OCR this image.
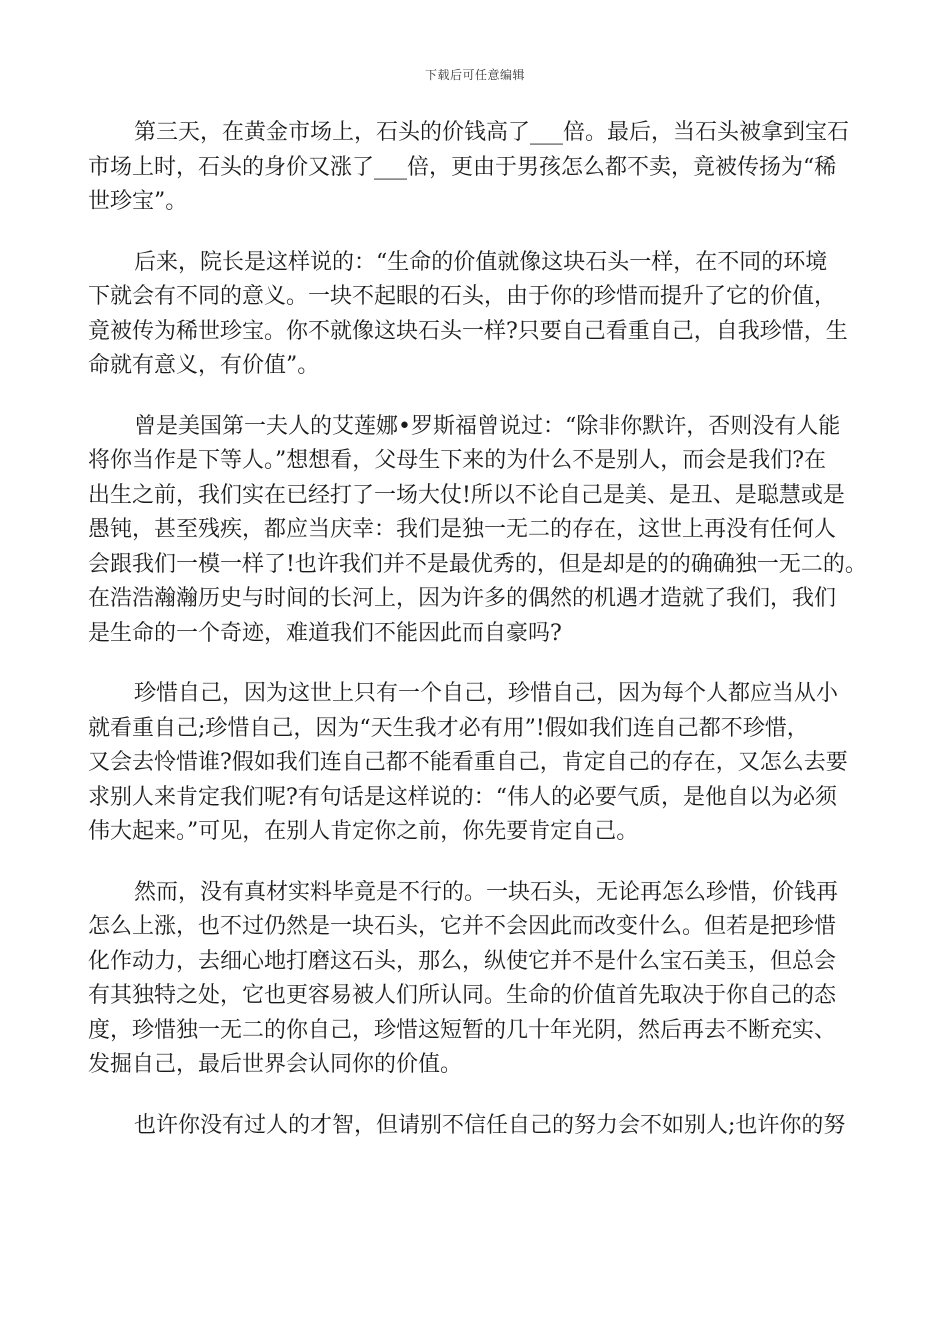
下载后可任意编辑
第三天，在黄金市场上，石头的价钱高了___倍。最后，当石头被拿到宝石
市场上时，石头的身价又涨了___倍，更由于男孩怎么都不卖，竟被传扬为“稀
世珍宝”。
后来，院长是这样说的：“生命的价值就像这块石头一样，在不同的环境
下就会有不同的意义。一块不起眼的石头，由于你的珍惜而提升了它的价值，
竟被传为稀世珍宝。你不就像这块石头一样?只要自己看重自己，自我珍惜，生
命就有意义，有价值”。
曾是美国第一夫人的艾莲娜•罗斯福曾说过：“除非你默许，否则没有人能
将你当作是下等人。”想想看，父母生下来的为什么不是别人，而会是我们?在
出生之前，我们实在已经打了一场大仗!所以不论自己是美、是丑、是聪慧或是
愚钝，甚至残疾，都应当庆幸：我们是独一无二的存在，这世上再没有任何人
会跟我们一模一样了!也许我们并不是最优秀的，但是却是的的确确独一无二的。
在浩浩瀚瀚历史与时间的长河上，因为许多的偶然的机遇才造就了我们，我们
是生命的一个奇迹，难道我们不能因此而自豪吗?
珍惜自己，因为这世上只有一个自己，珍惜自己，因为每个人都应当从小
就看重自己;珍惜自己，因为“天生我才必有用”!假如我们连自己都不珍惜，
又会去怜惜谁?假如我们连自己都不能看重自己，肯定自己的存在，又怎么去要
求别人来肯定我们呢?有句话是这样说的：“伟人的必要气质，是他自以为必须
伟大起来。”可见，在别人肯定你之前，你先要肯定自己。
然而，没有真材实料毕竟是不行的。一块石头，无论再怎么珍惜，价钱再
怎么上涨，也不过仍然是一块石头，它并不会因此而改变什么。但若是把珍惜
化作动力，去细心地打磨这石头，那么，纵使它并不是什么宝石美玉，但总会
有其独特之处，它也更容易被人们所认同。生命的价值首先取决于你自己的态
度，珍惜独一无二的你自己，珍惜这短暂的几十年光阴，然后再去不断充实、
发掘自己，最后世界会认同你的价值。
也许你没有过人的才智，但请别不信任自己的努力会不如别人;也许你的努
